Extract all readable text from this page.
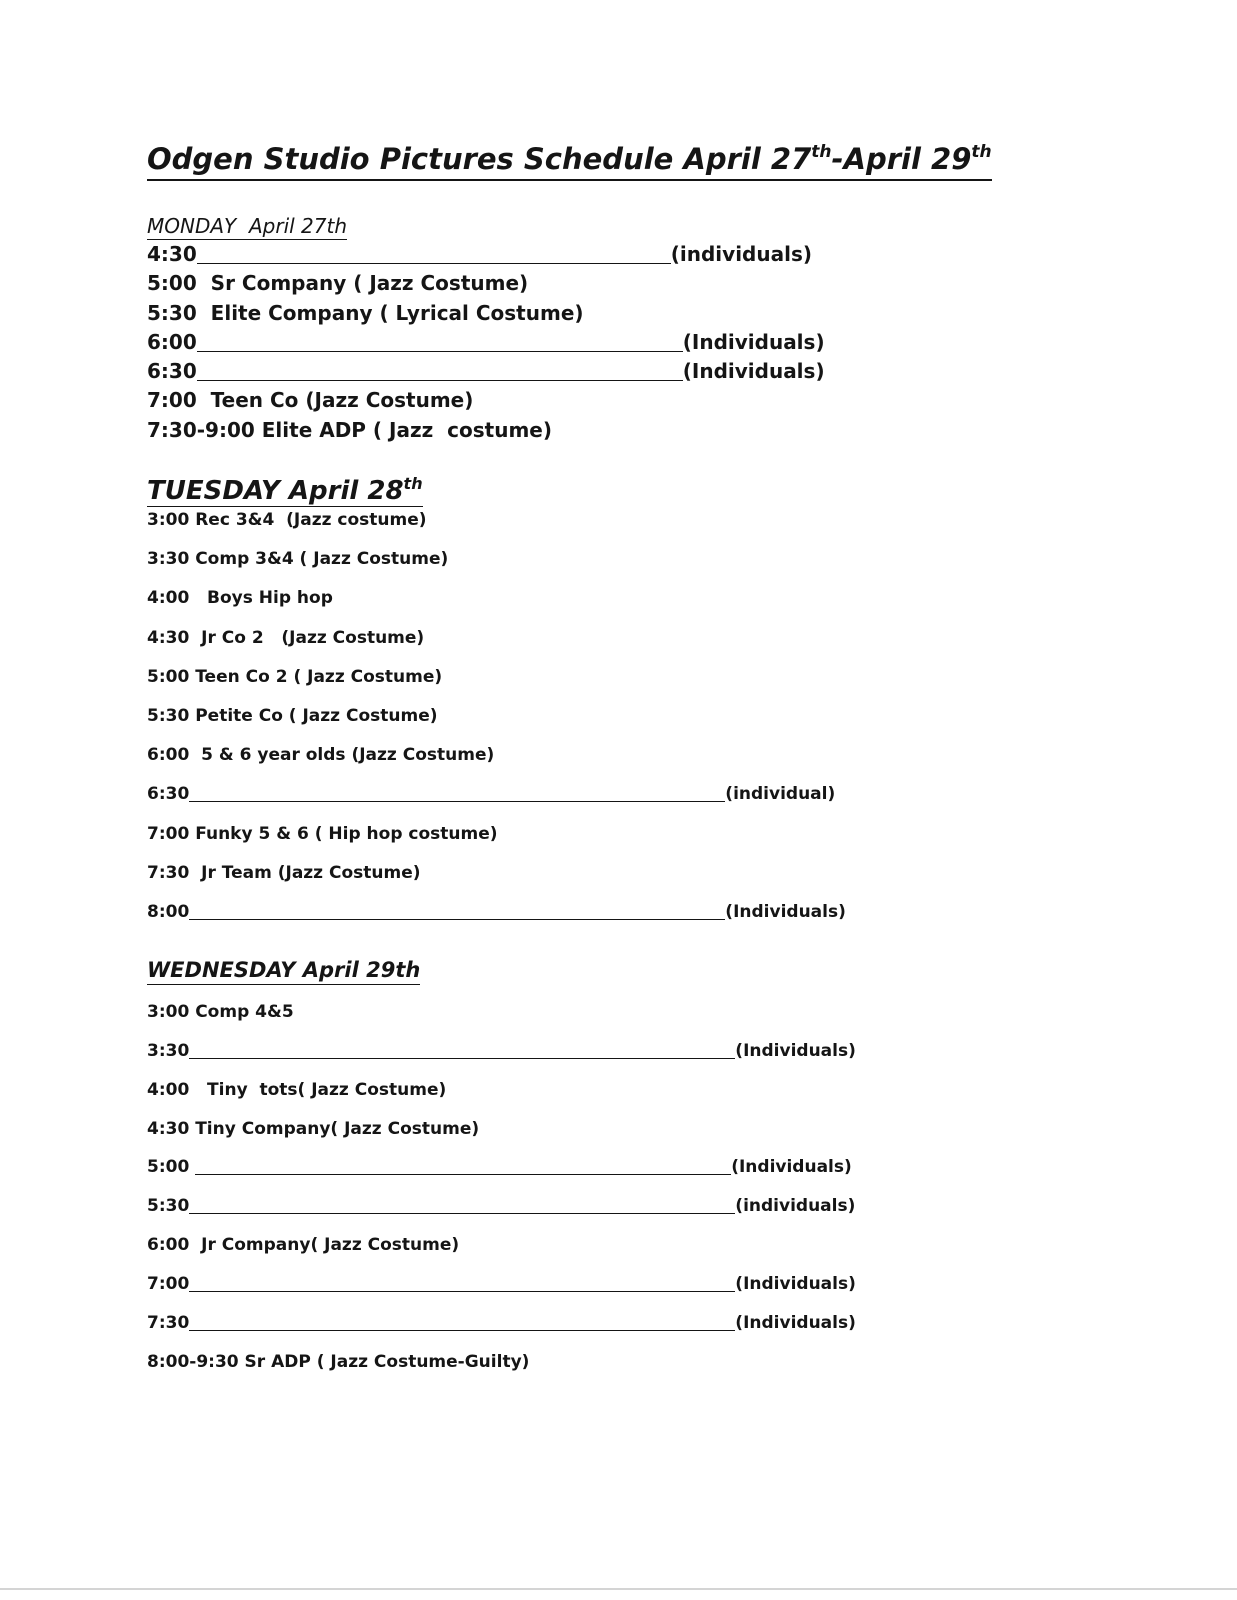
Odgen Studio Pictures Schedule April 27th-April 29th
MONDAY  April 27th
4:30	(individuals)
5:00  Sr Company ( Jazz Costume)
5:30  Elite Company ( Lyrical Costume)
6:00	(Individuals)
6:30	(Individuals)
7:00  Teen Co (Jazz Costume)
7:30-9:00 Elite ADP ( Jazz  costume)
TUESDAY April 28th
3:00 Rec 3&4  (Jazz costume)
3:30 Comp 3&4 ( Jazz Costume)
4:00   Boys Hip hop
4:30  Jr Co 2   (Jazz Costume)
5:00 Teen Co 2 ( Jazz Costume)
5:30 Petite Co ( Jazz Costume)
6:00  5 & 6 year olds (Jazz Costume)
6:30	(individual)
7:00 Funky 5 & 6 ( Hip hop costume)
7:30  Jr Team (Jazz Costume)
8:00	(Individuals)
WEDNESDAY April 29th
3:00 Comp 4&5
3:30	(Individuals)
4:00   Tiny  tots( Jazz Costume)
4:30 Tiny Company( Jazz Costume)
5:00	(Individuals)
5:30	(individuals)
6:00  Jr Company( Jazz Costume)
7:00	(Individuals)
7:30	(Individuals)
8:00-9:30 Sr ADP ( Jazz Costume-Guilty)
